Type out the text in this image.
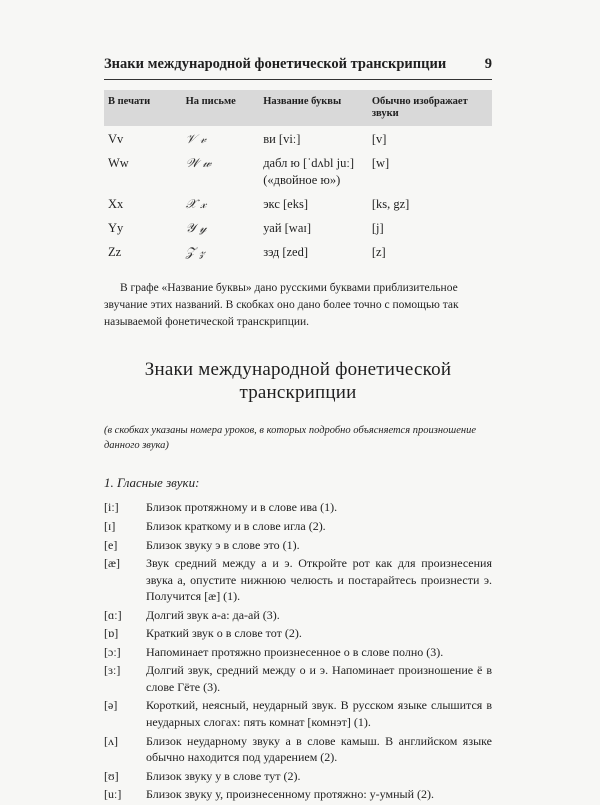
Знаки международной фонетической транскрипции	9
В печати	На письме	Название буквы	Обычно изображает звуки
Vv	𝒱 𝓋	ви [viː]	[v]
Ww	𝒲 𝓌	дабл ю [ˈdʌbl juː] («двойное ю»)	[w]
Xx	𝒳 𝓍	экс [eks]	[ks, gz]
Yy	𝒴 𝓎	уай [waɪ]	[j]
Zz	𝒵 𝓏	зэд [zed]	[z]

В графе «Название буквы» дано русскими буквами приблизительное звучание этих названий. В скобках оно дано более точно с помощью так называемой фонетической транскрипции.

Знаки международной фонетической транскрипции

(в скобках указаны номера уроков, в которых подробно объясняется произношение данного звука)

1. Гласные звуки:
[iː]	Близок протяжному и в слове ива (1).
[ɪ]	Близок краткому и в слове игла (2).
[e]	Близок звуку э в слове это (1).
[æ]	Звук средний между а и э. Откройте рот как для произнесения звука а, опустите нижнюю челюсть и постарайтесь произнести э. Получится [æ] (1).
[ɑː]	Долгий звук а-а: да-ай (3).
[ɒ]	Краткий звук о в слове тот (2).
[ɔː]	Напоминает протяжно произнесенное о в слове полно (3).
[ɜː]	Долгий звук, средний между о и э. Напоминает произношение ё в слове Гёте (3).
[ə]	Короткий, неясный, неударный звук. В русском языке слышится в неударных слогах: пять комнат [комнэт] (1).
[ʌ]	Близок неударному звуку а в слове камыш. В английском языке обычно находится под ударением (2).
[ʊ]	Близок звуку у в слове тут (2).
[uː]	Близок звуку у, произнесенному протяжно: у-умный (2).
